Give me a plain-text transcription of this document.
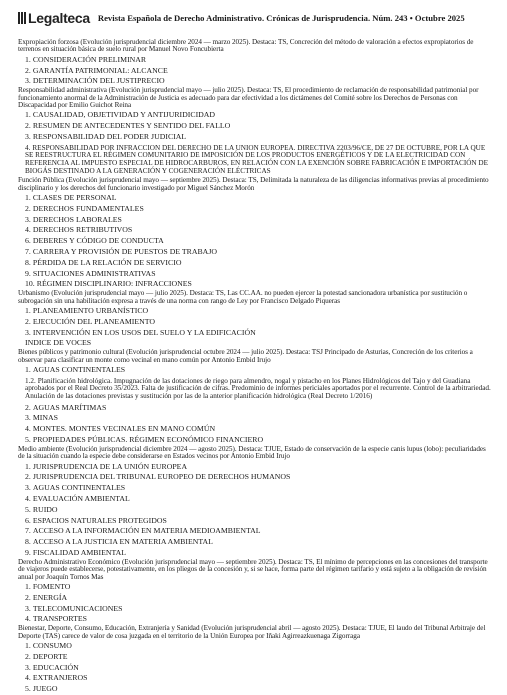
Legalteca Revista Española de Derecho Administrativo. Crónicas de Jurisprudencia. Núm. 243 • Octubre 2025
Expropiación forzosa (Evolución jurisprudencial diciembre 2024 — marzo 2025). Destaca: TS, Concreción del método de valoración a efectos expropiatorios de terrenos en situación básica de suelo rural por Manuel Novo Foncubierta
1. CONSIDERACIÓN PRELIMINAR
2. GARANTÍA PATRIMONIAL: ALCANCE
3. DETERMINACIÓN DEL JUSTIPRECIO
Responsabilidad administrativa (Evolución jurisprudencial mayo — julio 2025). Destaca: TS, El procedimiento de reclamación de responsabilidad patrimonial por funcionamiento anormal de la Administración de Justicia es adecuado para dar efectividad a los dictámenes del Comité sobre los Derechos de Personas con Discapacidad por Emilio Guichot Reina
1. CAUSALIDAD, OBJETIVIDAD Y ANTIJURIDICIDAD
2. RESUMEN DE ANTECEDENTES Y SENTIDO DEL FALLO
3. RESPONSABILIDAD DEL PODER JUDICIAL
4. RESPONSABILIDAD POR INFRACCIÓN DEL DERECHO DE LA UNIÓN EUROPEA. DIRECTIVA 2203/96/CE, DE 27 DE OCTUBRE, POR LA QUE SE REESTRUCTURA EL RÉGIMEN COMUNITARIO DE IMPOSICIÓN DE LOS PRODUCTOS ENERGÉTICOS Y DE LA ELECTRICIDAD CON REFERENCIA AL IMPUESTO ESPECIAL DE HIDROCARBUROS, EN RELACIÓN CON LA EXENCIÓN SOBRE FABRICACIÓN E IMPORTACIÓN DE BIOGÁS DESTINADO A LA GENERACIÓN Y COGENERACIÓN ELÉCTRICAS
Función Pública (Evolución jurisprudencial mayo — septiembre 2025). Destaca: TS, Delimitada la naturaleza de las diligencias informativas previas al procedimiento disciplinario y los derechos del funcionario investigado por Miguel Sánchez Morón
1. CLASES DE PERSONAL
2. DERECHOS FUNDAMENTALES
3. DERECHOS LABORALES
4. DERECHOS RETRIBUTIVOS
6. DEBERES Y CÓDIGO DE CONDUCTA
7. CARRERA Y PROVISIÓN DE PUESTOS DE TRABAJO
8. PÉRDIDA DE LA RELACIÓN DE SERVICIO
9. SITUACIONES ADMINISTRATIVAS
10. RÉGIMEN DISCIPLINARIO: INFRACCIONES
Urbanismo (Evolución jurisprudencial mayo — julio 2025). Destaca: TS, Las CC.AA. no pueden ejercer la potestad sancionadora urbanística por sustitución o subrogación sin una habilitación expresa a través de una norma con rango de Ley por Francisco Delgado Piqueras
1. PLANEAMIENTO URBANÍSTICO
2. EJECUCIÓN DEL PLANEAMIENTO
3. INTERVENCIÓN EN LOS USOS DEL SUELO Y LA EDIFICACIÓN
INDICE DE VOCES
Bienes públicos y patrimonio cultural (Evolución jurisprudencial octubre 2024 — julio 2025). Destaca: TSJ Principado de Asturias, Concreción de los criterios a observar para clasificar un monte como vecinal en mano común por Antonio Embid Irujo
1. AGUAS CONTINENTALES
1.2. Planificación hidrológica. Impugnación de las dotaciones de riego para almendro, nogal y pistacho en los Planes Hidrológicos del Tajo y del Guadiana aprobados por el Real Decreto 35/2023. Falta de justificación de cifras. Predominio de informes periciales aportados por el recurrente. Control de la arbitrariedad. Anulación de las dotaciones previstas y sustitución por las de la anterior planificación hidrológica (Real Decreto 1/2016)
2. AGUAS MARÍTIMAS
3. MINAS
4. MONTES. MONTES VECINALES EN MANO COMÚN
5. PROPIEDADES PÚBLICAS. RÉGIMEN ECONÓMICO FINANCIERO
Medio ambiente (Evolución jurisprudencial diciembre 2024 — agosto 2025). Destaca: TJUE, Estado de conservación de la especie canis lupus (lobo): peculiaridades de la situación cuando la especie debe considerarse en Estados vecinos por Antonio Embid Irujo
1. JURISPRUDENCIA DE LA UNIÓN EUROPEA
2. JURISPRUDENCIA DEL TRIBUNAL EUROPEO DE DERECHOS HUMANOS
3. AGUAS CONTINENTALES
4. EVALUACIÓN AMBIENTAL
5. RUIDO
6. ESPACIOS NATURALES PROTEGIDOS
7. ACCESO A LA INFORMACIÓN EN MATERIA MEDIOAMBIENTAL
8. ACCESO A LA JUSTICIA EN MATERIA AMBIENTAL
9. FISCALIDAD AMBIENTAL
Derecho Administrativo Económico (Evolución jurisprudencial mayo — septiembre 2025). Destaca: TS, El mínimo de percepciones en las concesiones del transporte de viajeros puede establecerse, potestativamente, en los pliegos de la concesión y, si se hace, forma parte del régimen tarifario y está sujeto a la obligación de revisión anual por Joaquín Tornos Mas
1. FOMENTO
2. ENERGÍA
3. TELECOMUNICACIONES
4. TRANSPORTES
Bienestar, Deporte, Consumo, Educación, Extranjería y Sanidad (Evolución jurisprudencial abril — agosto 2025). Destaca: TJUE, El laudo del Tribunal Arbitraje del Deporte (TAS) carece de valor de cosa juzgada en el territorio de la Unión Europea por Iñaki Agirreazkuenaga Zigorraga
1. CONSUMO
2. DEPORTE
3. EDUCACIÓN
4. EXTRANJEROS
5. JUEGO
